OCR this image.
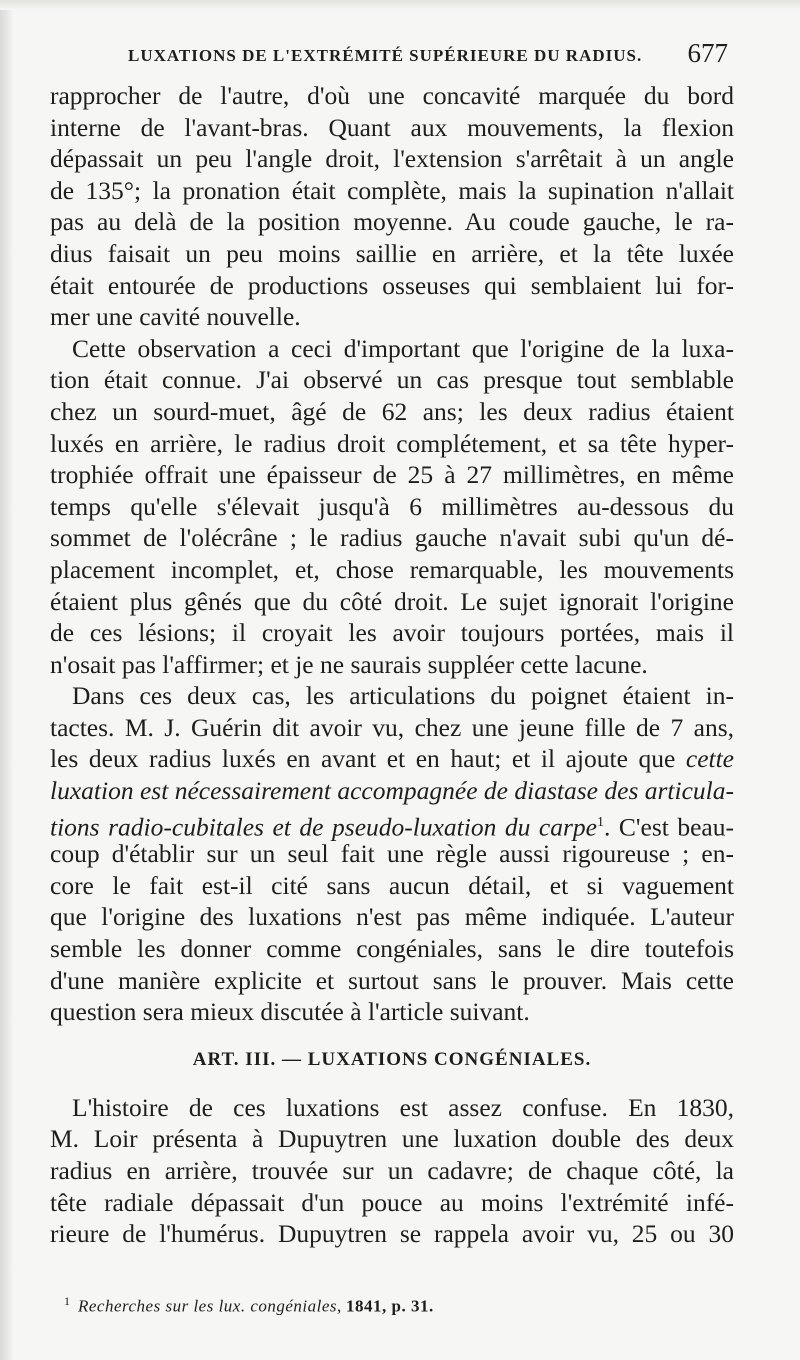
LUXATIONS DE L'EXTRÉMITÉ SUPÉRIEURE DU RADIUS. 677
rapprocher de l'autre, d'où une concavité marquée du bord
interne de l'avant-bras. Quant aux mouvements, la flexion
dépassait un peu l'angle droit, l'extension s'arrêtait à un angle
de 135°; la pronation était complète, mais la supination n'allait
pas au delà de la position moyenne. Au coude gauche, le ra-
dius faisait un peu moins saillie en arrière, et la tête luxée
était entourée de productions osseuses qui semblaient lui for-
mer une cavité nouvelle.
Cette observation a ceci d'important que l'origine de la luxa-
tion était connue. J'ai observé un cas presque tout semblable
chez un sourd-muet, âgé de 62 ans; les deux radius étaient
luxés en arrière, le radius droit complétement, et sa tête hyper-
trophiée offrait une épaisseur de 25 à 27 millimètres, en même
temps qu'elle s'élevait jusqu'à 6 millimètres au-dessous du
sommet de l'olécrâne ; le radius gauche n'avait subi qu'un dé-
placement incomplet, et, chose remarquable, les mouvements
étaient plus gênés que du côté droit. Le sujet ignorait l'origine
de ces lésions; il croyait les avoir toujours portées, mais il
n'osait pas l'affirmer; et je ne saurais suppléer cette lacune.
Dans ces deux cas, les articulations du poignet étaient in-
tactes. M. J. Guérin dit avoir vu, chez une jeune fille de 7 ans,
les deux radius luxés en avant et en haut; et il ajoute que cette
luxation est nécessairement accompagnée de diastase des articula-
tions radio-cubitales et de pseudo-luxation du carpe$^1$. C'est beau-
coup d'établir sur un seul fait une règle aussi rigoureuse ; en-
core le fait est-il cité sans aucun détail, et si vaguement
que l'origine des luxations n'est pas même indiquée. L'auteur
semble les donner comme congéniales, sans le dire toutefois
d'une manière explicite et surtout sans le prouver. Mais cette
question sera mieux discutée à l'article suivant.
ART. III. — LUXATIONS CONGÉNIALES.
L'histoire de ces luxations est assez confuse. En 1830,
M. Loir présenta à Dupuytren une luxation double des deux
radius en arrière, trouvée sur un cadavre; de chaque côté, la
tête radiale dépassait d'un pouce au moins l'extrémité infé-
rieure de l'humérus. Dupuytren se rappela avoir vu, 25 ou 30
$^1$ Recherches sur les lux. congéniales, 1841, p. 31.
